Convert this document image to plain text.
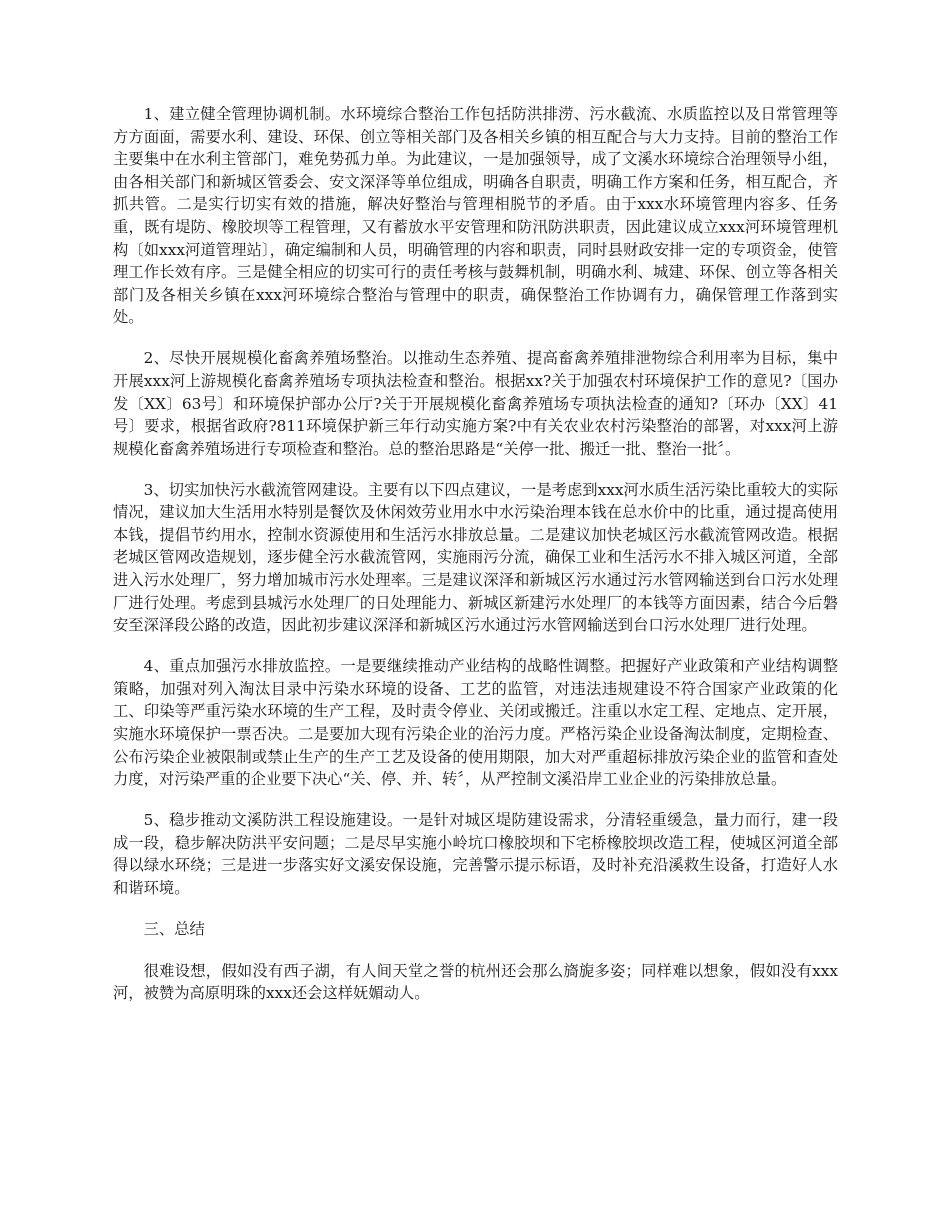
1、建立健全管理协调机制。水环境综合整治工作包括防洪排涝、污水截流、水质监控以及日常管理等方方面面，需要水利、建设、环保、创立等相关部门及各相关乡镇的相互配合与大力支持。目前的整治工作主要集中在水利主管部门，难免势孤力单。为此建议，一是加强领导，成了文溪水环境综合治理领导小组，由各相关部门和新城区管委会、安文深泽等单位组成，明确各自职责，明确工作方案和任务，相互配合，齐抓共管。二是实行切实有效的措施，解决好整治与管理相脱节的矛盾。由于xxx水环境管理内容多、任务重，既有堤防、橡胶坝等工程管理，又有蓄放水平安管理和防汛防洪职责，因此建议成立xxx河环境管理机构〔如xxx河道管理站〕，确定编制和人员，明确管理的内容和职责，同时县财政安排一定的专项资金，使管理工作长效有序。三是健全相应的切实可行的责任考核与鼓舞机制，明确水利、城建、环保、创立等各相关部门及各相关乡镇在xxx河环境综合整治与管理中的职责，确保整治工作协调有力，确保管理工作落到实处。

2、尽快开展规模化畜禽养殖场整治。以推动生态养殖、提高畜禽养殖排泄物综合利用率为目标，集中开展xxx河上游规模化畜禽养殖场专项执法检查和整治。根据xx?关于加强农村环境保护工作的意见?〔国办发〔XX〕63号〕和环境保护部办公厅?关于开展规模化畜禽养殖场专项执法检查的通知?〔环办〔XX〕41号〕要求，根据省政府?811环境保护新三年行动实施方案?中有关农业农村污染整治的部署，对xxx河上游规模化畜禽养殖场进行专项检查和整治。总的整治思路是“关停一批、搬迁一批、整治一批〞。

3、切实加快污水截流管网建设。主要有以下四点建议，一是考虑到xxx河水质生活污染比重较大的实际情况，建议加大生活用水特别是餐饮及休闲效劳业用水中水污染治理本钱在总水价中的比重，通过提高使用本钱，提倡节约用水，控制水资源使用和生活污水排放总量。二是建议加快老城区污水截流管网改造。根据老城区管网改造规划，逐步健全污水截流管网，实施雨污分流，确保工业和生活污水不排入城区河道，全部进入污水处理厂，努力增加城市污水处理率。三是建议深泽和新城区污水通过污水管网输送到台口污水处理厂进行处理。考虑到县城污水处理厂的日处理能力、新城区新建污水处理厂的本钱等方面因素，结合今后磐安至深泽段公路的改造，因此初步建议深泽和新城区污水通过污水管网输送到台口污水处理厂进行处理。

4、重点加强污水排放监控。一是要继续推动产业结构的战略性调整。把握好产业政策和产业结构调整策略，加强对列入淘汰目录中污染水环境的设备、工艺的监管，对违法违规建设不符合国家产业政策的化工、印染等严重污染水环境的生产工程，及时责令停业、关闭或搬迁。注重以水定工程、定地点、定开展，实施水环境保护一票否决。二是要加大现有污染企业的治污力度。严格污染企业设备淘汰制度，定期检查、公布污染企业被限制或禁止生产的生产工艺及设备的使用期限，加大对严重超标排放污染企业的监管和查处力度，对污染严重的企业要下决心“关、停、并、转〞，从严控制文溪沿岸工业企业的污染排放总量。

5、稳步推动文溪防洪工程设施建设。一是针对城区堤防建设需求，分清轻重缓急，量力而行，建一段成一段，稳步解决防洪平安问题；二是尽早实施小岭坑口橡胶坝和下宅桥橡胶坝改造工程，使城区河道全部得以绿水环绕；三是进一步落实好文溪安保设施，完善警示提示标语，及时补充沿溪救生设备，打造好人水和谐环境。

三、总结

很难设想，假如没有西子湖，有人间天堂之誉的杭州还会那么旖旎多姿；同样难以想象，假如没有xxx河，被赞为高原明珠的xxx还会这样妩媚动人。
